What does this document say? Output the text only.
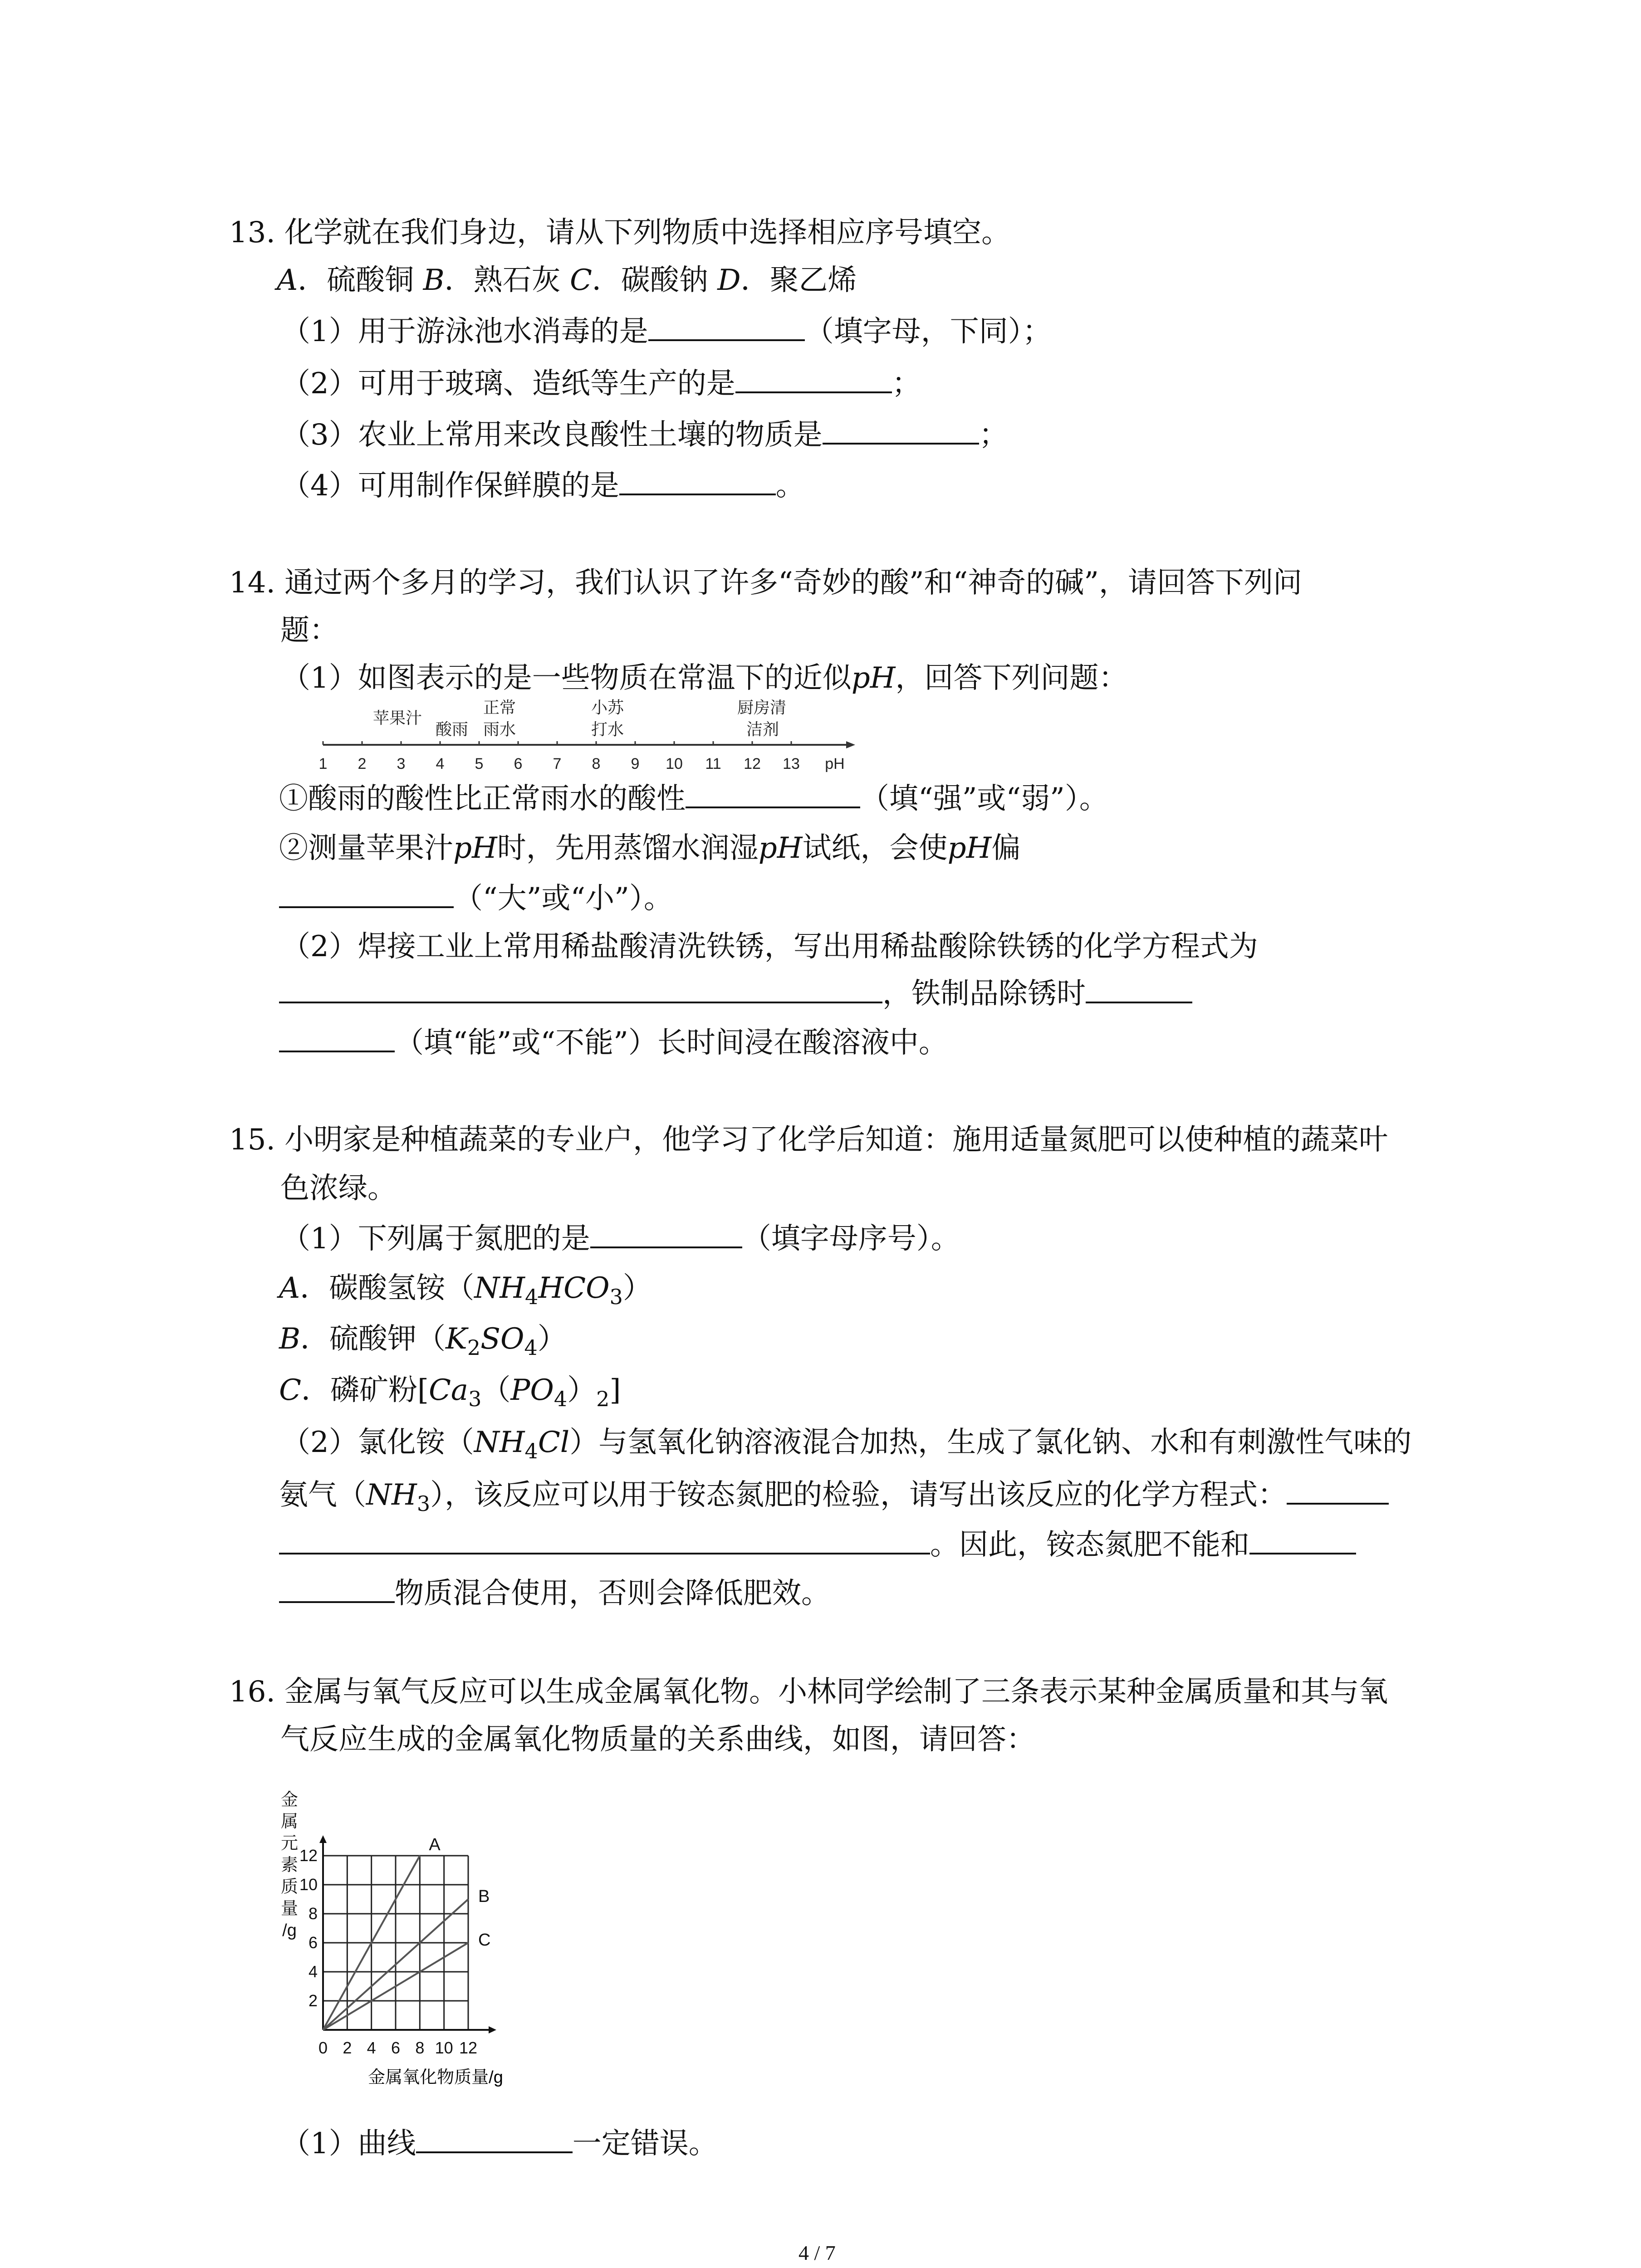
13. 化学就在我们身边，请从下列物质中选择相应序号填空。
A．硫酸铜 B．熟石灰 C．碳酸钠 D．聚乙烯
（1）用于游泳池水消毒的是	（填字母，下同）；
（2）可用于玻璃、造纸等生产的是	；
（3）农业上常用来改良酸性土壤的物质是	；
（4）可用制作保鲜膜的是	。
14. 通过两个多月的学习，我们认识了许多“奇妙的酸”和“神奇的碱”，请回答下列问
题：
（1）如图表示的是一些物质在常温下的近似pH，回答下列问题：
苹果汁
酸雨
正常
雨水
小苏
打水
厨房清
洁剂
1 2 3 4 5 6 7 8 9 10 11 12 13 pH
①酸雨的酸性比正常雨水的酸性	（填“强”或“弱”）。
②测量苹果汁pH时，先用蒸馏水润湿pH试纸，会使pH偏
（“大”或“小”）。
（2）焊接工业上常用稀盐酸清洗铁锈，写出用稀盐酸除铁锈的化学方程式为
，铁制品除锈时
（填“能”或“不能”）长时间浸在酸溶液中。
15. 小明家是种植蔬菜的专业户，他学习了化学后知道：施用适量氮肥可以使种植的蔬菜叶
色浓绿。
（1）下列属于氮肥的是	（填字母序号）。
A．碳酸氢铵$(NH_4HCO_3)$
B．硫酸钾$(K_2SO_4)$
C．磷矿粉$[Ca_3(PO_4)_2]$
（2）氯化铵$(NH_4Cl)$与氢氧化钠溶液混合加热，生成了氯化钠、水和有刺激性气味的
氨气$(NH_3)$，该反应可以用于铵态氮肥的检验，请写出该反应的化学方程式：
。因此，铵态氮肥不能和
物质混合使用，否则会降低肥效。
16. 金属与氧气反应可以生成金属氧化物。小林同学绘制了三条表示某种金属质量和其与氧
气反应生成的金属氧化物质量的关系曲线，如图，请回答：
金
属
元
素
质
量
/g
0 2 4 6 8 10 12
2
4
6
8
10
12
A
B
C
金属氧化物质量/g
（1）曲线	一定错误。
4 / 7
